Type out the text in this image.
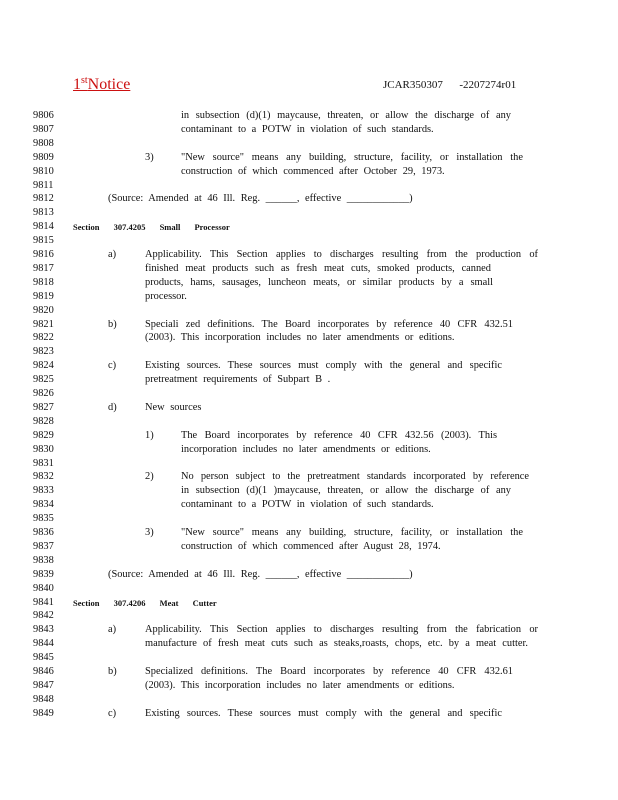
1stNotice	JCAR350307      -2207274r01
9806	in subsection (d)(1) maycause, threaten, or allow the discharge of any
9807	contaminant to a POTW in violation of such standards.
9808
9809	3)	"New source" means any building, structure, facility, or installation the
9810	construction of which commenced after October 29, 1973.
9811
9812	(Source: Amended at 46 Ill. Reg. ______, effective ____________)
9813
9814	Section 307.4205 Small Processor
9815
9816	a)	Applicability. This Section applies to discharges resulting from the production of
9817	finished meat products such as fresh meat cuts, smoked products, canned
9818	products, hams, sausages, luncheon meats, or similar products by a small
9819	processor.
9820
9821	b)	Speciali zed definitions. The Board incorporates by reference 40 CFR 432.51
9822	(2003). This incorporation includes no later amendments or editions.
9823
9824	c)	Existing sources. These sources must comply with the general and specific
9825	pretreatment requirements of Subpart B .
9826
9827	d)	New sources
9828
9829	1)	The Board incorporates by reference 40 CFR 432.56 (2003). This
9830	incorporation includes no later amendments or editions.
9831
9832	2)	No person subject to the pretreatment standards incorporated by reference
9833	in subsection (d)(1 )maycause, threaten, or allow the discharge of any
9834	contaminant to a POTW in violation of such standards.
9835
9836	3)	"New source" means any building, structure, facility, or installation the
9837	construction of which commenced after August 28, 1974.
9838
9839	(Source: Amended at 46 Ill. Reg. ______, effective ____________)
9840
9841	Section 307.4206 Meat Cutter
9842
9843	a)	Applicability. This Section applies to discharges resulting from the fabrication or
9844	manufacture of fresh meat cuts such as steaks,roasts, chops, etc. by a meat cutter.
9845
9846	b)	Specialized definitions. The Board incorporates by reference 40 CFR 432.61
9847	(2003). This incorporation includes no later amendments or editions.
9848
9849	c)	Existing sources. These sources must comply with the general and specific
